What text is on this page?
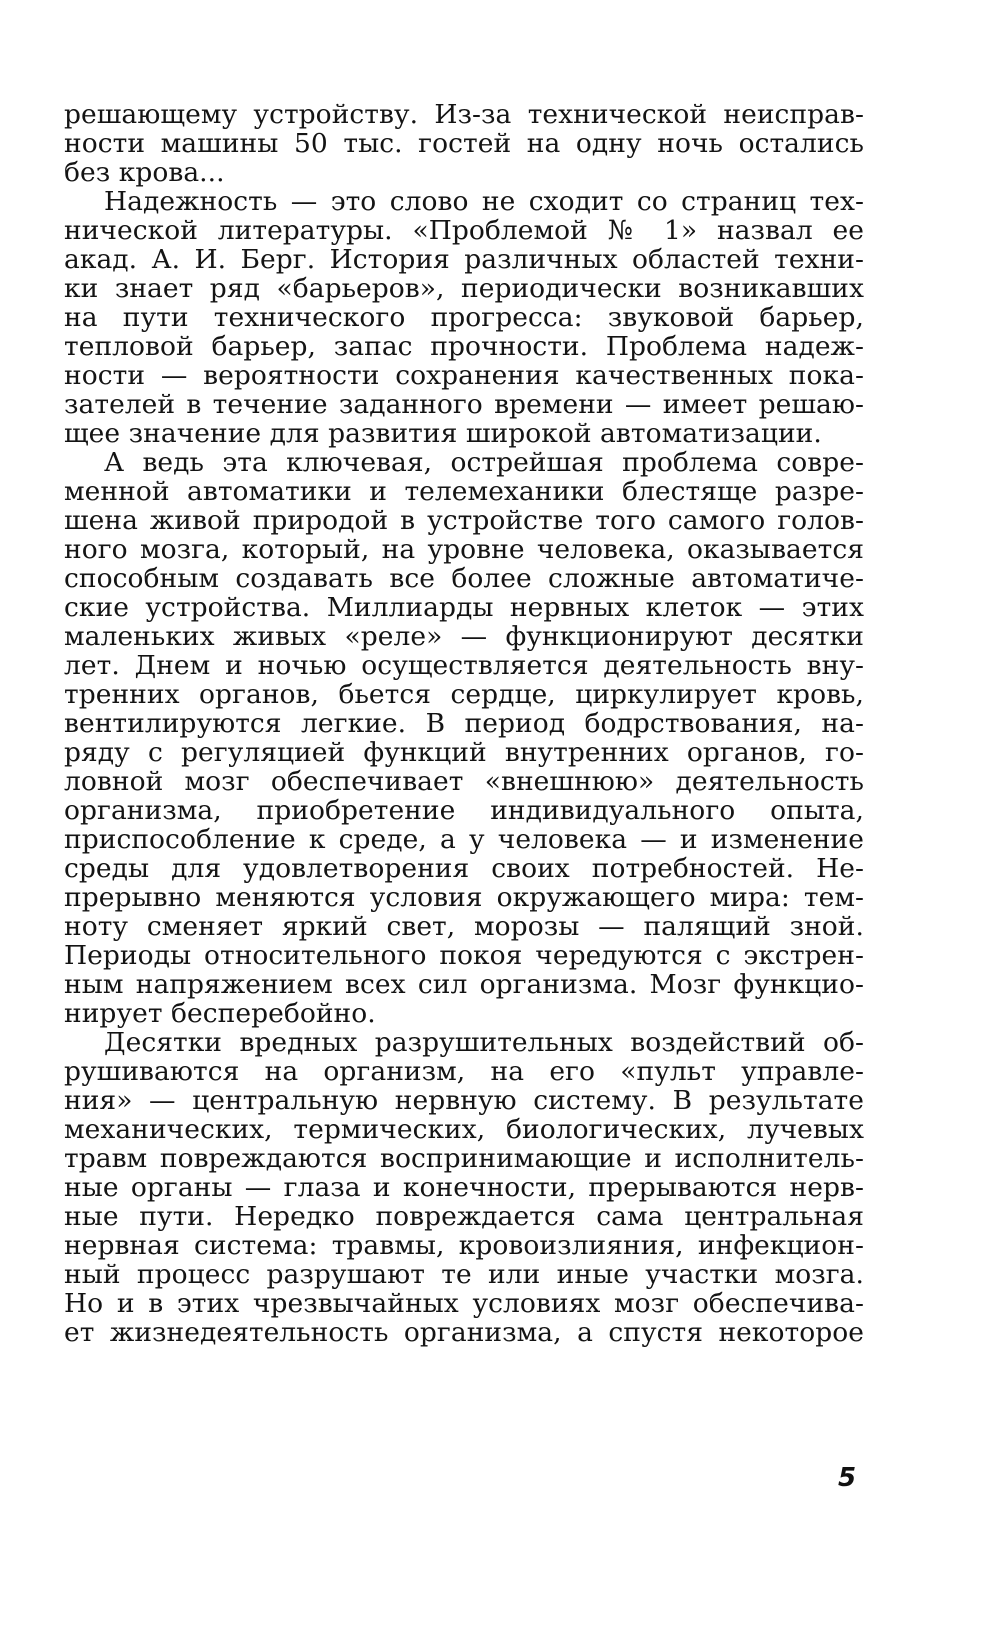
решающему устройству. Из-за технической неисправ-
ности машины 50 тыс. гостей на одну ночь остались
без крова...
Надежность — это слово не сходит со страниц тех-
нической литературы. «Проблемой № 1» назвал ее
акад. А. И. Берг. История различных областей техни-
ки знает ряд «барьеров», периодически возникавших
на пути технического прогресса: звуковой барьер,
тепловой барьер, запас прочности. Проблема надеж-
ности — вероятности сохранения качественных пока-
зателей в течение заданного времени — имеет решаю-
щее значение для развития широкой автоматизации.
А ведь эта ключевая, острейшая проблема совре-
менной автоматики и телемеханики блестяще разре-
шена живой природой в устройстве того самого голов-
ного мозга, который, на уровне человека, оказывается
способным создавать все более сложные автоматиче-
ские устройства. Миллиарды нервных клеток — этих
маленьких живых «реле» — функционируют десятки
лет. Днем и ночью осуществляется деятельность вну-
тренних органов, бьется сердце, циркулирует кровь,
вентилируются легкие. В период бодрствования, на-
ряду с регуляцией функций внутренних органов, го-
ловной мозг обеспечивает «внешнюю» деятельность
организма, приобретение индивидуального опыта,
приспособление к среде, а у человека — и изменение
среды для удовлетворения своих потребностей. Не-
прерывно меняются условия окружающего мира: тем-
ноту сменяет яркий свет, морозы — палящий зной.
Периоды относительного покоя чередуются с экстрен-
ным напряжением всех сил организма. Мозг функцио-
нирует бесперебойно.
Десятки вредных разрушительных воздействий об-
рушиваются на организм, на его «пульт управле-
ния» — центральную нервную систему. В результате
механических, термических, биологических, лучевых
травм повреждаются воспринимающие и исполнитель-
ные органы — глаза и конечности, прерываются нерв-
ные пути. Нередко повреждается сама центральная
нервная система: травмы, кровоизлияния, инфекцион-
ный процесс разрушают те или иные участки мозга.
Но и в этих чрезвычайных условиях мозг обеспечива-
ет жизнедеятельность организма, а спустя некоторое
5
